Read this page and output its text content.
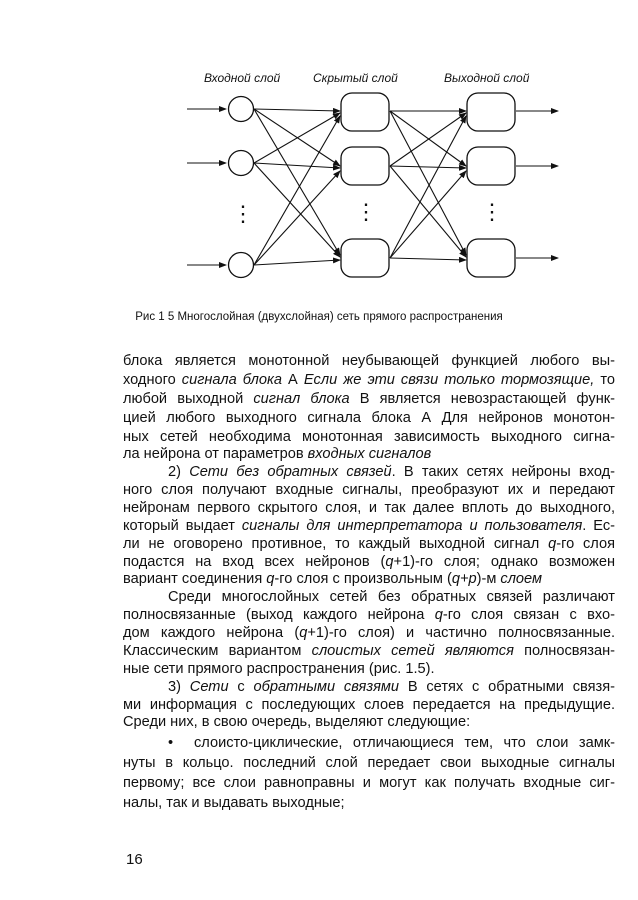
⋮	⋮	⋮
Входной слой	Скрытый слой	Выходной слой
Рис 1 5 Многослойная (двухслойная) сеть прямого распространения
блока является монотонной неубывающей функцией любого вы-
ходного сигнала блока А Если же эти связи только тормозящие, то
любой выходной сигнал блока В является невозрастающей функ-
цией любого выходного сигнала блока А Для нейронов монотон-
ных сетей необходима монотонная зависимость выходного сигна-
ла нейрона от параметров входных сигналов
2) Сети без обратных связей. В таких сетях нейроны вход-
ного слоя получают входные сигналы, преобразуют их и передают
нейронам первого скрытого слоя, и так далее вплоть до выходного,
который выдает сигналы для интерпретатора и пользователя. Ес-
ли не оговорено противное, то каждый выходной сигнал q-го слоя
подастся на вход всех нейронов (q+1)-го слоя; однако возможен
вариант соединения q-го слоя с произвольным (q+p)-м слоем
Среди многослойных сетей без обратных связей различают
полносвязанные (выход каждого нейрона q-го слоя связан с вхо-
дом каждого нейрона (q+1)-го слоя) и частично полносвязанные.
Классическим вариантом слоистых сетей являются полносвязан-
ные сети прямого распространения (рис. 1.5).
3) Сети с обратными связями В сетях с обратными связя-
ми информация с последующих слоев передается на предыдущие.
Среди них, в свою очередь, выделяют следующие:
• слоисто-циклические, отличающиеся тем, что слои замк-
нуты в кольцо. последний слой передает свои выходные сигналы
первому; все слои равноправны и могут как получать входные сиг-
налы, так и выдавать выходные;
16
